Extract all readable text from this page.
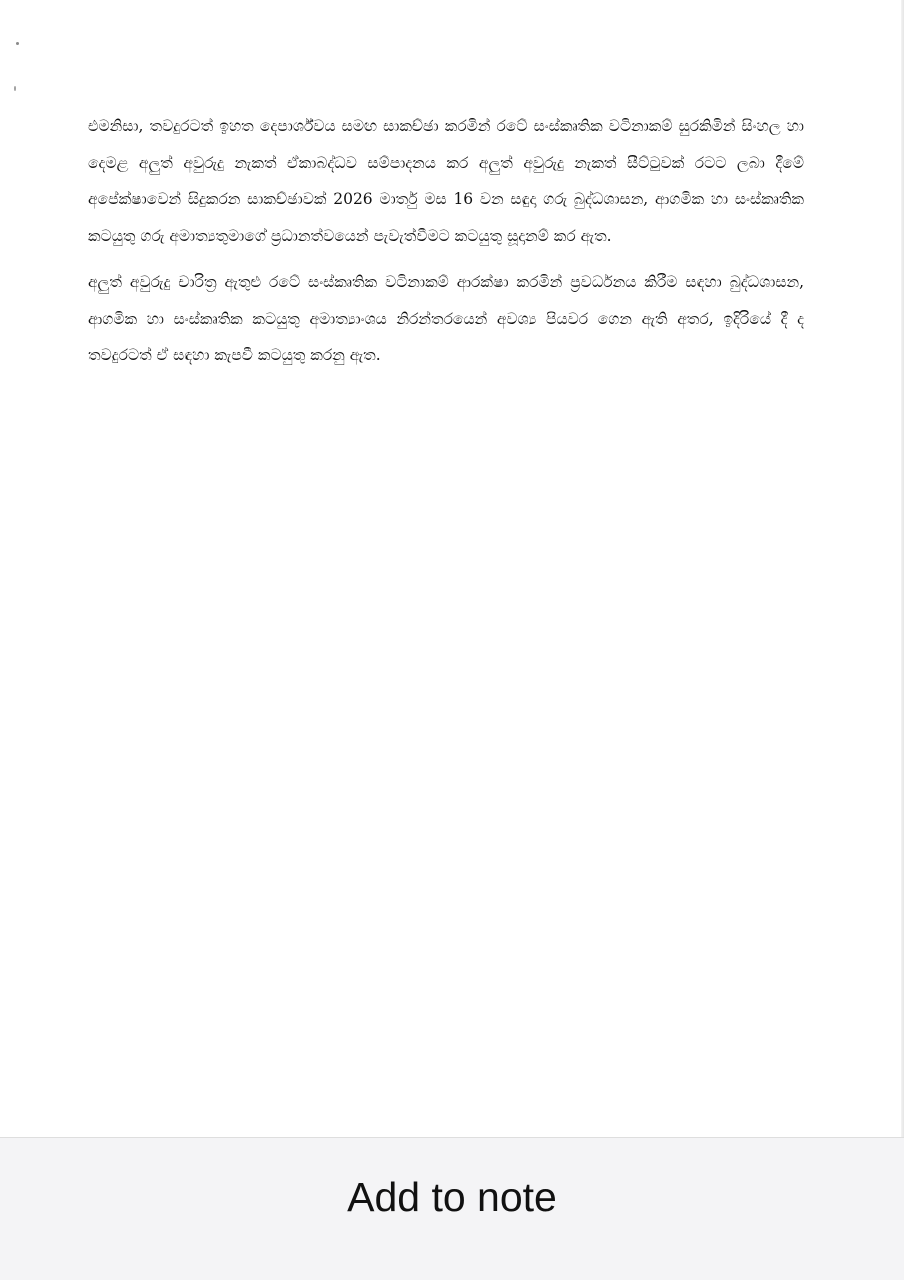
එමනිසා, තවදුරටත් ඉහත දෙපාර්ශ්වය සමඟ සාකච්ඡා කරමින් රටේ සංස්කෘතික වටිනාකම් සුරකිමින් සිංහල හා දෙමළ අලුත් අවුරුදු නැකත් ඒකාබද්ධව සම්පාදනය කර අලුත් අවුරුදු නැකත් සීට්ටුවක් රටට ලබා දීමේ අපේක්ෂාවෙන් සිදුකරන සාකච්ඡාවක් 2026 මාර්තු මස 16 වන සඳුදා ගරු බුද්ධශාසන, ආගමික හා සංස්කෘතික කටයුතු ගරු අමාත්‍යතුමාගේ ප්‍රධානත්වයෙන් පැවැත්වීමට කටයුතු සූදානම් කර ඇත.

අලුත් අවුරුදු චාරිත්‍ර ඇතුළු රටේ සංස්කෘතික වටිනාකම් ආරක්ෂා කරමින් ප්‍රවර්ධනය කිරීම සඳහා බුද්ධශාසන, ආගමික හා සංස්කෘතික කටයුතු අමාත්‍යාංශය නිරන්තරයෙන් අවශ්‍ය පියවර ගෙන ඇති අතර, ඉදිරියේ දී ද තවදුරටත් ඒ සඳහා කැපවී කටයුතු කරනු ඇත.

Add to note
